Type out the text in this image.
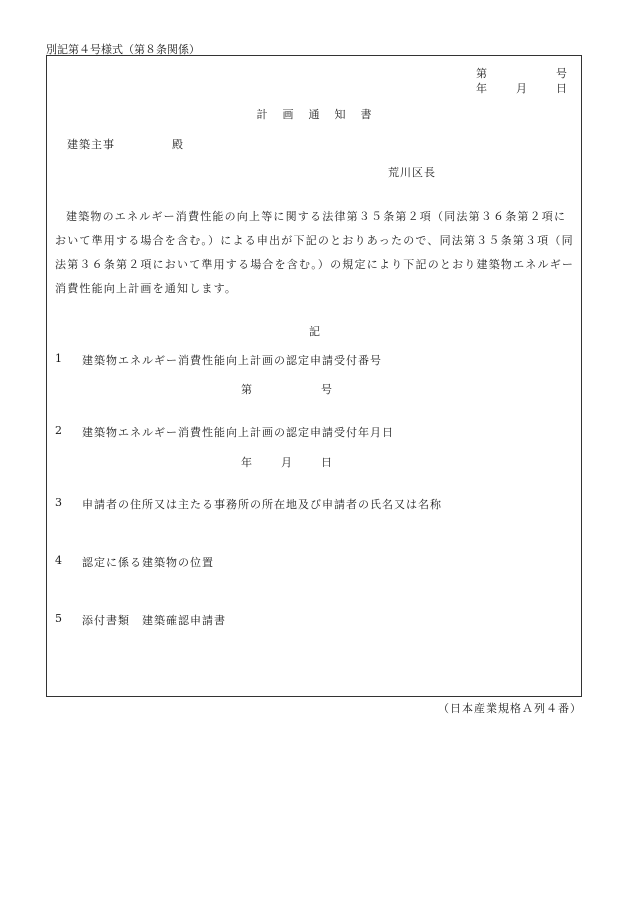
別記第４号様式（第８条関係）
第	号
年	月	日
計　画　通　知　書
建築主事	殿
荒川区長

建築物のエネルギー消費性能の向上等に関する法律第３５条第２項（同法第３６条第２項において準用する場合を含む。）による申出が下記のとおりあったので、同法第３５条第３項（同法第３６条第２項において準用する場合を含む。）の規定により下記のとおり建築物エネルギー消費性能向上計画を通知します。

記
1 建築物エネルギー消費性能向上計画の認定申請受付番号
第	号
2 建築物エネルギー消費性能向上計画の認定申請受付年月日
年	月	日
3 申請者の住所又は主たる事務所の所在地及び申請者の氏名又は名称
4 認定に係る建築物の位置
5 添付書類　建築確認申請書
（日本産業規格Ａ列４番）
